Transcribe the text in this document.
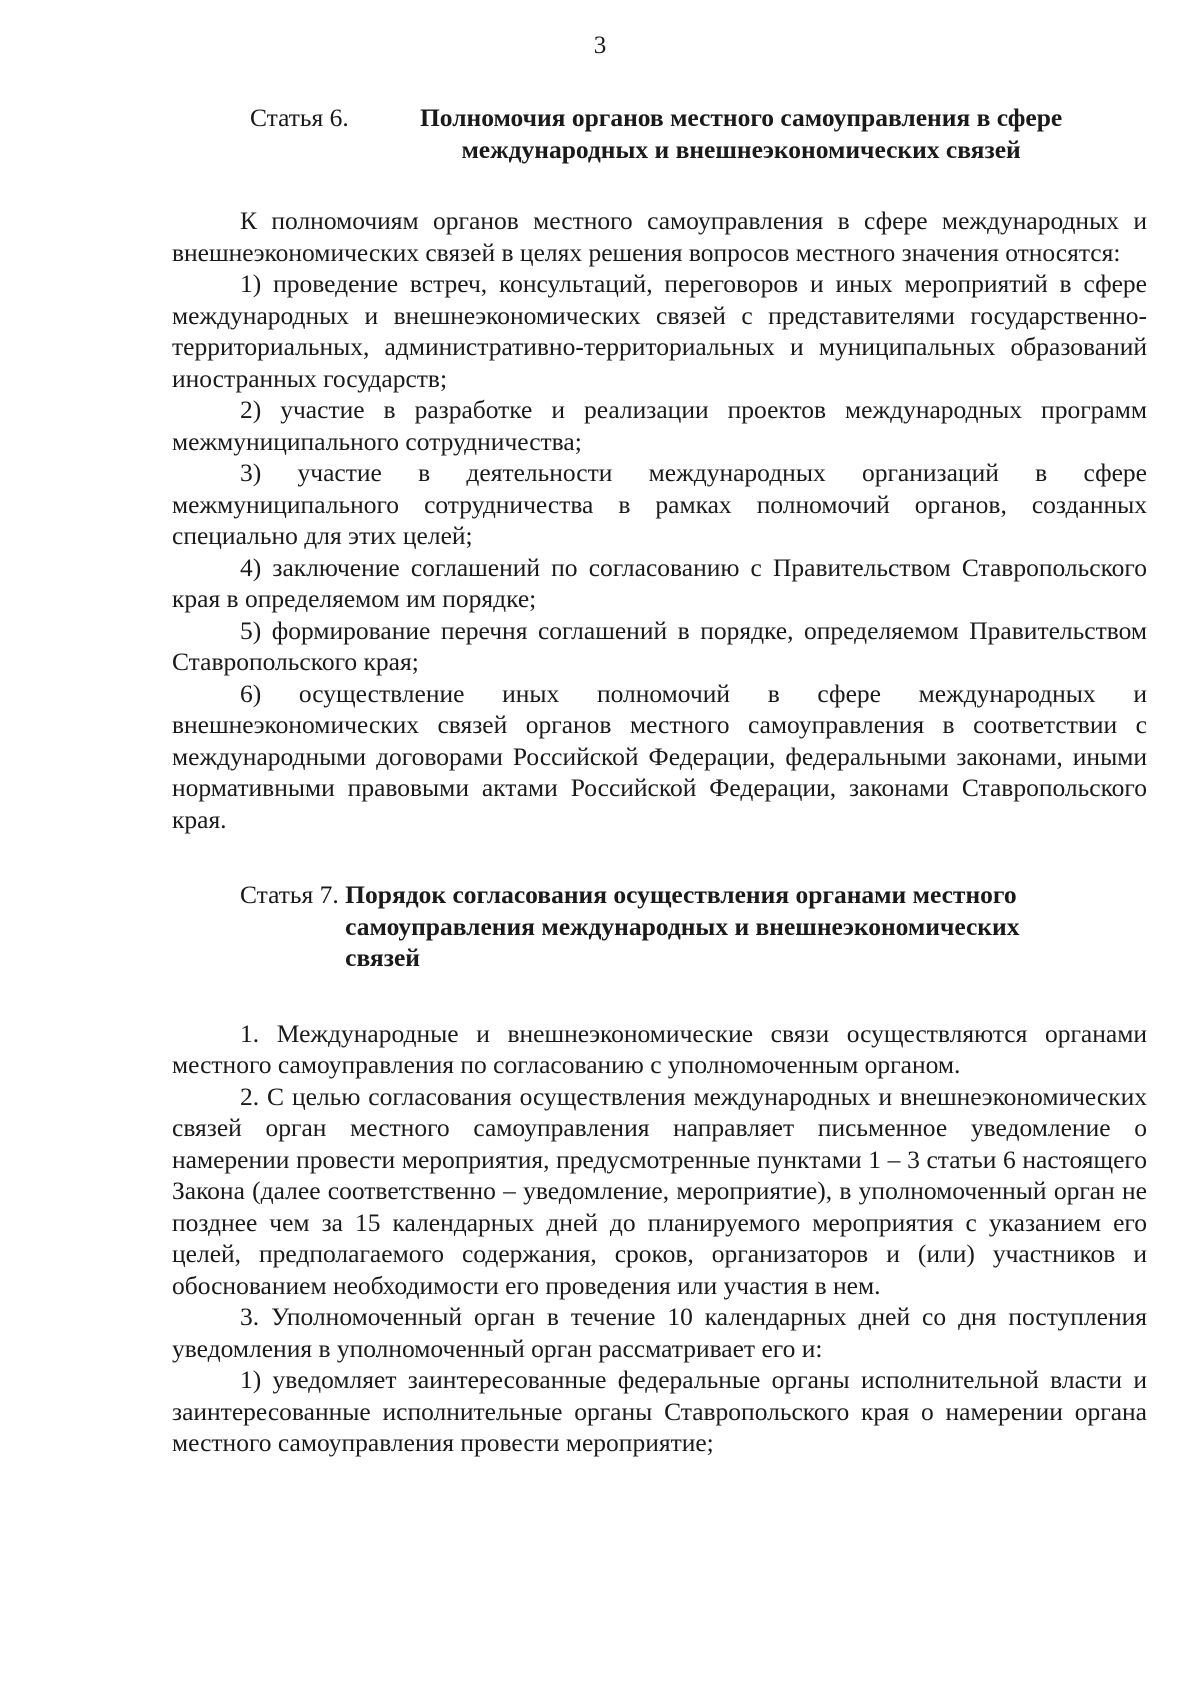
3
Статья 6.	Полномочия органов местного самоуправления в сфере международных и внешнеэкономических связей

К полномочиям органов местного самоуправления в сфере международных и внешнеэкономических связей в целях решения вопросов местного значения относятся:

1) проведение встреч, консультаций, переговоров и иных мероприятий в сфере международных и внешнеэкономических связей с представителями государственно-территориальных, административно-территориальных и муниципальных образований иностранных государств;

2) участие в разработке и реализации проектов международных программ межмуниципального сотрудничества;

3) участие в деятельности международных организаций в сфере межмуниципального сотрудничества в рамках полномочий органов, созданных специально для этих целей;

4) заключение соглашений по согласованию с Правительством Ставропольского края в определяемом им порядке;

5) формирование перечня соглашений в порядке, определяемом Правительством Ставропольского края;

6) осуществление иных полномочий в сфере международных и внешнеэкономических связей органов местного самоуправления в соответствии с международными договорами Российской Федерации, федеральными законами, иными нормативными правовыми актами Российской Федерации, законами Ставропольского края.

Статья 7. Порядок согласования осуществления органами местного самоуправления международных и внешнеэкономических связей

1. Международные и внешнеэкономические связи осуществляются органами местного самоуправления по согласованию с уполномоченным органом.

2. С целью согласования осуществления международных и внешнеэкономических связей орган местного самоуправления направляет письменное уведомление о намерении провести мероприятия, предусмотренные пунктами 1 – 3 статьи 6 настоящего Закона (далее соответственно – уведомление, мероприятие), в уполномоченный орган не позднее чем за 15 календарных дней до планируемого мероприятия с указанием его целей, предполагаемого содержания, сроков, организаторов и (или) участников и обоснованием необходимости его проведения или участия в нем.

3. Уполномоченный орган в течение 10 календарных дней со дня поступления уведомления в уполномоченный орган рассматривает его и:

1) уведомляет заинтересованные федеральные органы исполнительной власти и заинтересованные исполнительные органы Ставропольского края о намерении органа местного самоуправления провести мероприятие;
